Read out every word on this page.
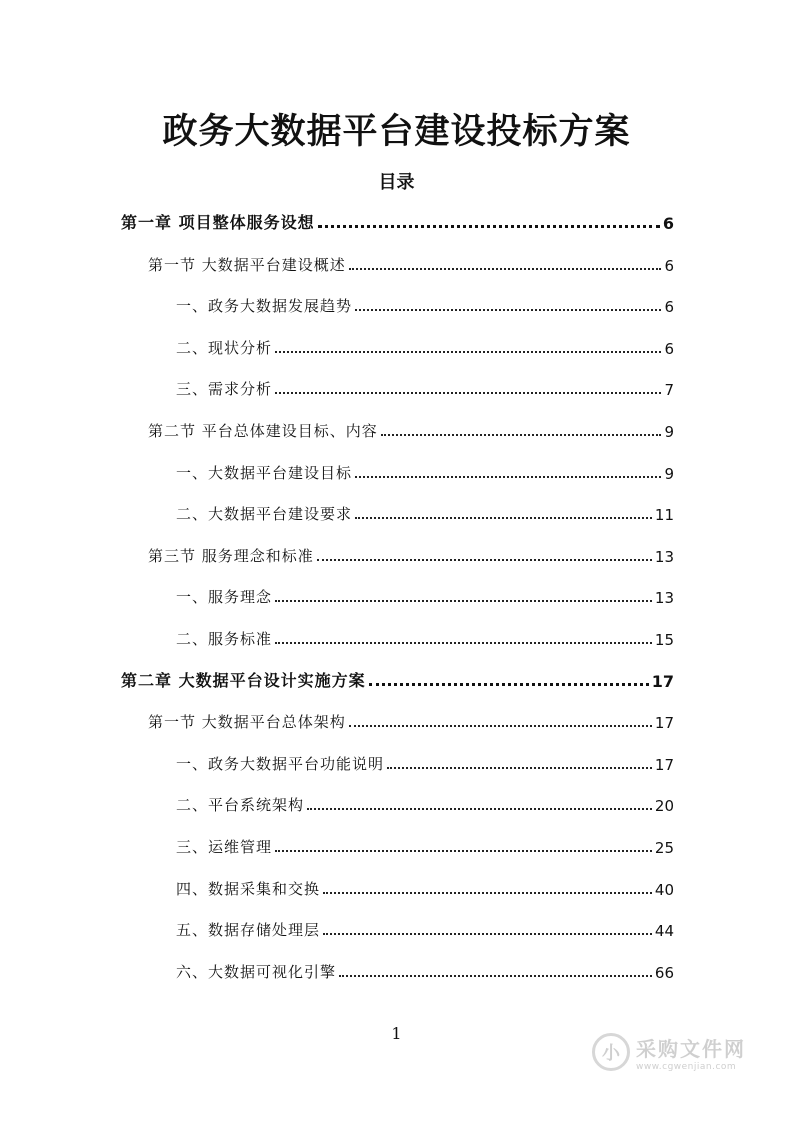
政务大数据平台建设投标方案
目录
第一章 项目整体服务设想	6
第一节 大数据平台建设概述	6
一、政务大数据发展趋势	6
二、现状分析	6
三、需求分析	7
第二节 平台总体建设目标、内容	9
一、大数据平台建设目标	9
二、大数据平台建设要求	11
第三节 服务理念和标准	13
一、服务理念	13
二、服务标准	15
第二章 大数据平台设计实施方案	17
第一节 大数据平台总体架构	17
一、政务大数据平台功能说明	17
二、平台系统架构	20
三、运维管理	25
四、数据采集和交换	40
五、数据存储处理层	44
六、大数据可视化引擎	66
1
小 采购文件网
www.cgwenjian.com
